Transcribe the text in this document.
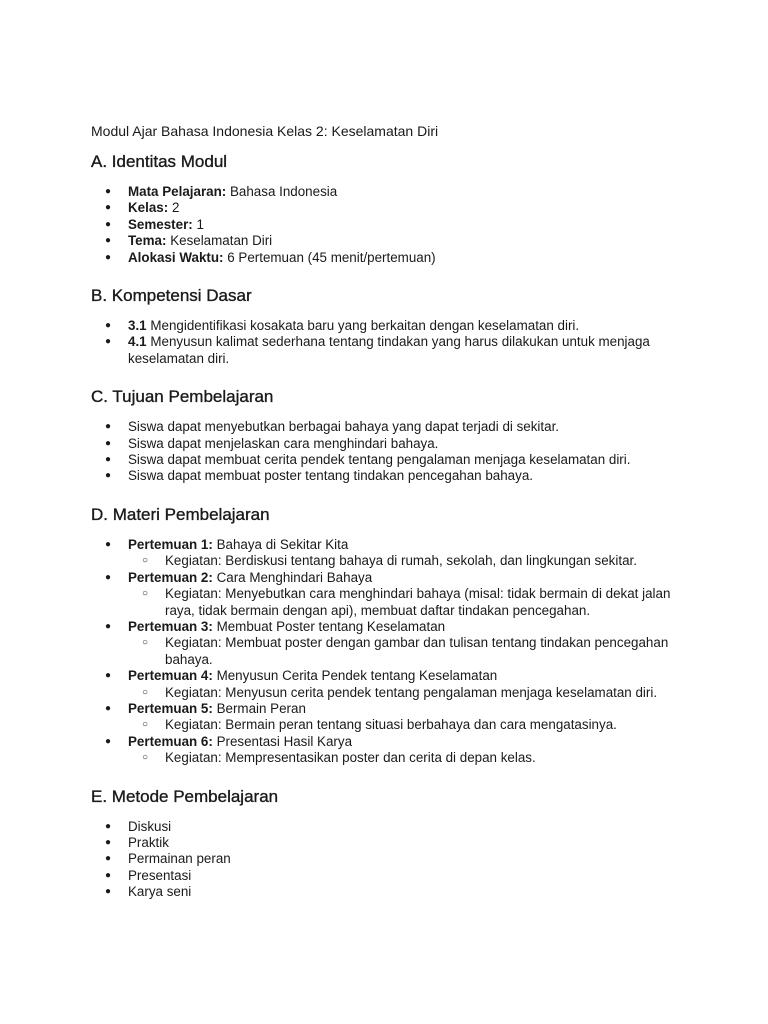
Modul Ajar Bahasa Indonesia Kelas 2: Keselamatan Diri
A. Identitas Modul
● Mata Pelajaran: Bahasa Indonesia
● Kelas: 2
● Semester: 1
● Tema: Keselamatan Diri
● Alokasi Waktu: 6 Pertemuan (45 menit/pertemuan)
B. Kompetensi Dasar
● 3.1 Mengidentifikasi kosakata baru yang berkaitan dengan keselamatan diri.
● 4.1 Menyusun kalimat sederhana tentang tindakan yang harus dilakukan untuk menjaga keselamatan diri.
C. Tujuan Pembelajaran
● Siswa dapat menyebutkan berbagai bahaya yang dapat terjadi di sekitar.
● Siswa dapat menjelaskan cara menghindari bahaya.
● Siswa dapat membuat cerita pendek tentang pengalaman menjaga keselamatan diri.
● Siswa dapat membuat poster tentang tindakan pencegahan bahaya.
D. Materi Pembelajaran
● Pertemuan 1: Bahaya di Sekitar Kita
○ Kegiatan: Berdiskusi tentang bahaya di rumah, sekolah, dan lingkungan sekitar.
● Pertemuan 2: Cara Menghindari Bahaya
○ Kegiatan: Menyebutkan cara menghindari bahaya (misal: tidak bermain di dekat jalan raya, tidak bermain dengan api), membuat daftar tindakan pencegahan.
● Pertemuan 3: Membuat Poster tentang Keselamatan
○ Kegiatan: Membuat poster dengan gambar dan tulisan tentang tindakan pencegahan bahaya.
● Pertemuan 4: Menyusun Cerita Pendek tentang Keselamatan
○ Kegiatan: Menyusun cerita pendek tentang pengalaman menjaga keselamatan diri.
● Pertemuan 5: Bermain Peran
○ Kegiatan: Bermain peran tentang situasi berbahaya dan cara mengatasinya.
● Pertemuan 6: Presentasi Hasil Karya
○ Kegiatan: Mempresentasikan poster dan cerita di depan kelas.
E. Metode Pembelajaran
● Diskusi
● Praktik
● Permainan peran
● Presentasi
● Karya seni
